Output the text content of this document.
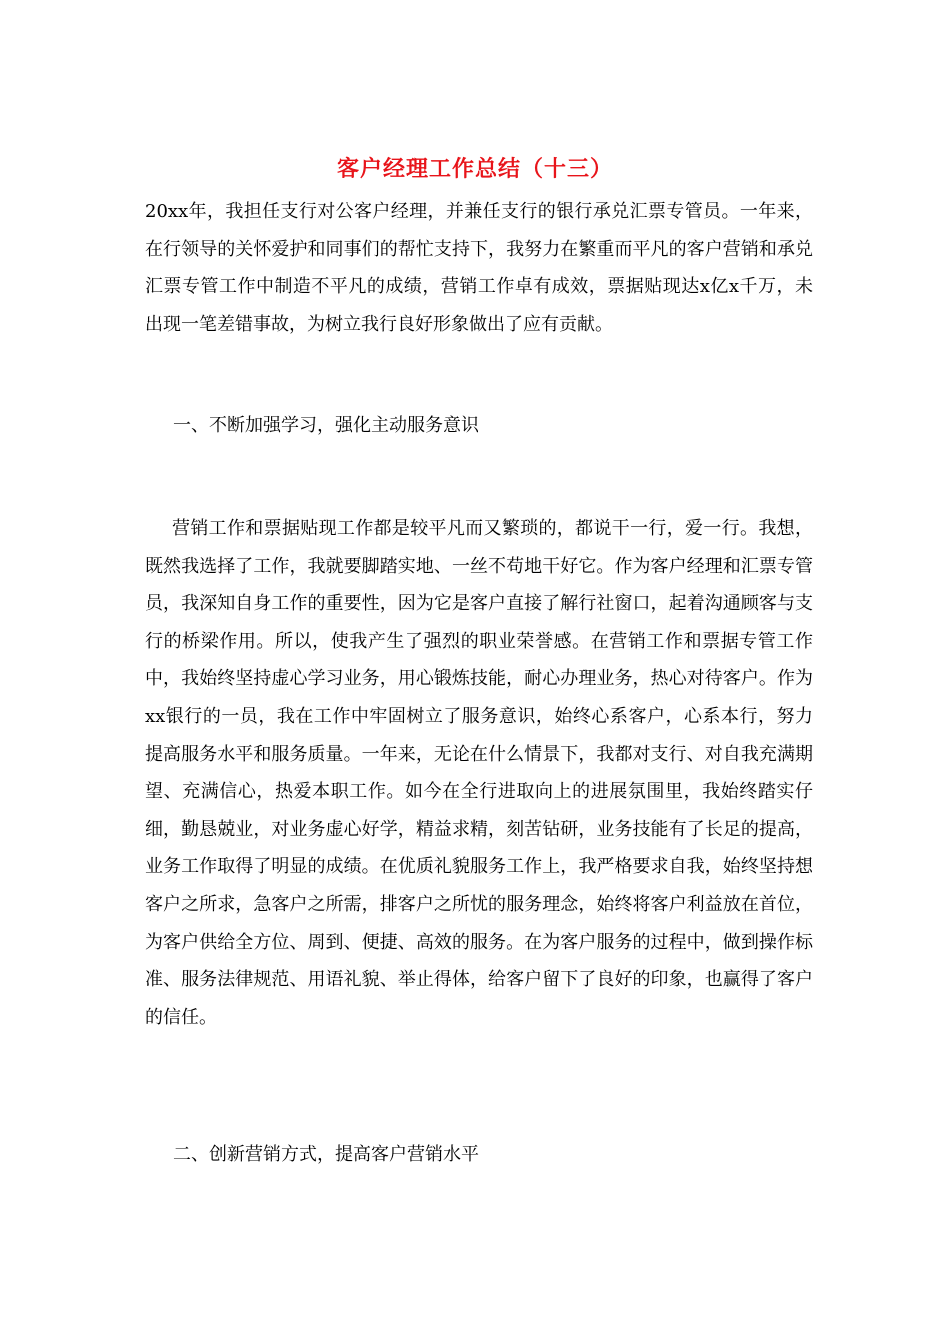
客户经理工作总结（十三）

20xx年，我担任支行对公客户经理，并兼任支行的银行承兑汇票专管员。一年来，在行领导的关怀爱护和同事们的帮忙支持下，我努力在繁重而平凡的客户营销和承兑汇票专管工作中制造不平凡的成绩，营销工作卓有成效，票据贴现达x亿x千万，未出现一笔差错事故，为树立我行良好形象做出了应有贡献。

一、不断加强学习，强化主动服务意识

营销工作和票据贴现工作都是较平凡而又繁琐的，都说干一行，爱一行。我想，既然我选择了工作，我就要脚踏实地、一丝不苟地干好它。作为客户经理和汇票专管员，我深知自身工作的重要性，因为它是客户直接了解行社窗口，起着沟通顾客与支行的桥梁作用。所以，使我产生了强烈的职业荣誉感。在营销工作和票据专管工作中，我始终坚持虚心学习业务，用心锻炼技能，耐心办理业务，热心对待客户。作为xx银行的一员，我在工作中牢固树立了服务意识，始终心系客户，心系本行，努力提高服务水平和服务质量。一年来，无论在什么情景下，我都对支行、对自我充满期望、充满信心，热爱本职工作。如今在全行进取向上的进展氛围里，我始终踏实仔细，勤恳兢业，对业务虚心好学，精益求精，刻苦钻研，业务技能有了长足的提高，业务工作取得了明显的成绩。在优质礼貌服务工作上，我严格要求自我，始终坚持想客户之所求，急客户之所需，排客户之所忧的服务理念，始终将客户利益放在首位，为客户供给全方位、周到、便捷、高效的服务。在为客户服务的过程中，做到操作标准、服务法律规范、用语礼貌、举止得体，给客户留下了良好的印象，也赢得了客户的信任。

二、创新营销方式，提高客户营销水平
